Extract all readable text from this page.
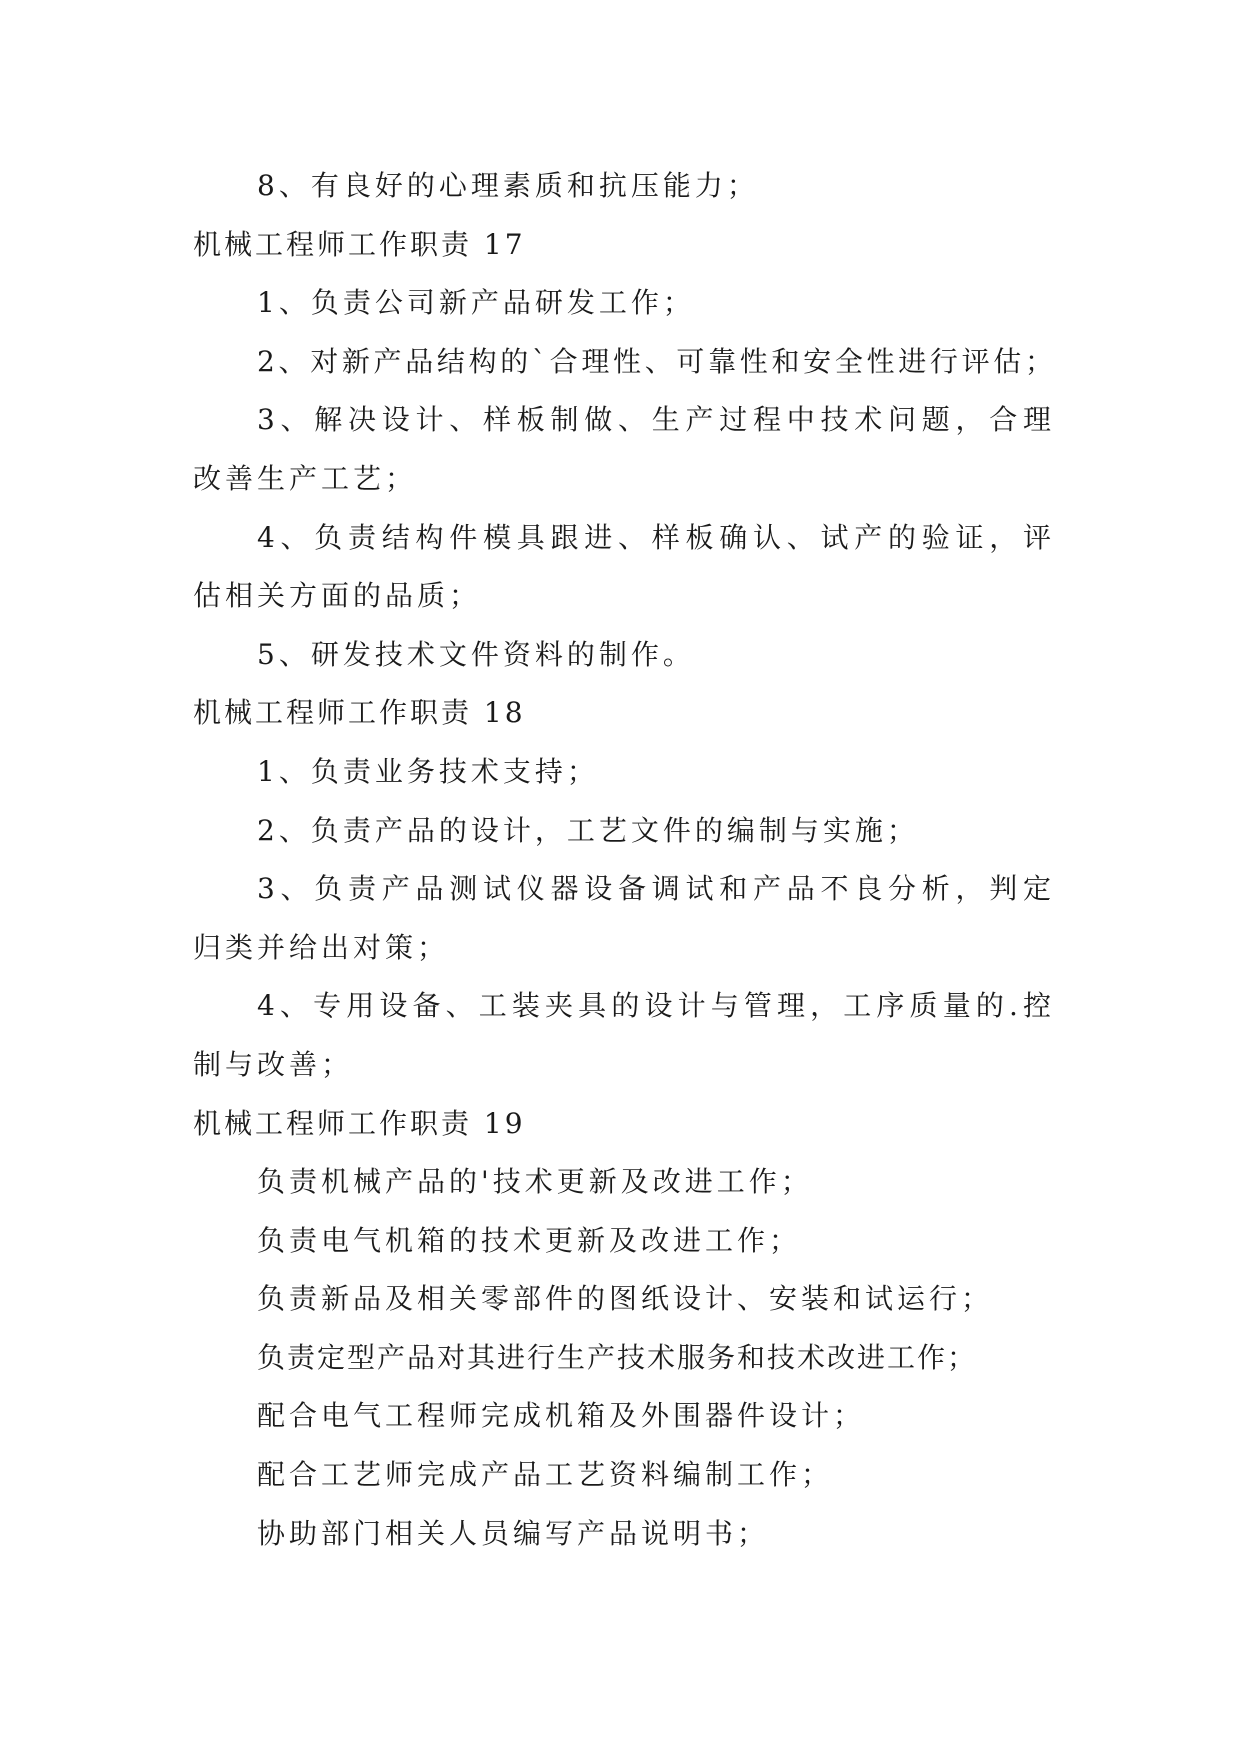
8、有良好的心理素质和抗压能力；

机械工程师工作职责 17

1、负责公司新产品研发工作；

2、对新产品结构的`合理性、可靠性和安全性进行评估；

3、解决设计、样板制做、生产过程中技术问题，合理

改善生产工艺；

4、负责结构件模具跟进、样板确认、试产的验证，评

估相关方面的品质；

5、研发技术文件资料的制作。

机械工程师工作职责 18

1、负责业务技术支持；

2、负责产品的设计，工艺文件的编制与实施；

3、负责产品测试仪器设备调试和产品不良分析，判定

归类并给出对策；

4、专用设备、工装夹具的设计与管理，工序质量的.控

制与改善；

机械工程师工作职责 19

负责机械产品的'技术更新及改进工作；

负责电气机箱的技术更新及改进工作；

负责新品及相关零部件的图纸设计、安装和试运行；

负责定型产品对其进行生产技术服务和技术改进工作；

配合电气工程师完成机箱及外围器件设计；

配合工艺师完成产品工艺资料编制工作；

协助部门相关人员编写产品说明书；
